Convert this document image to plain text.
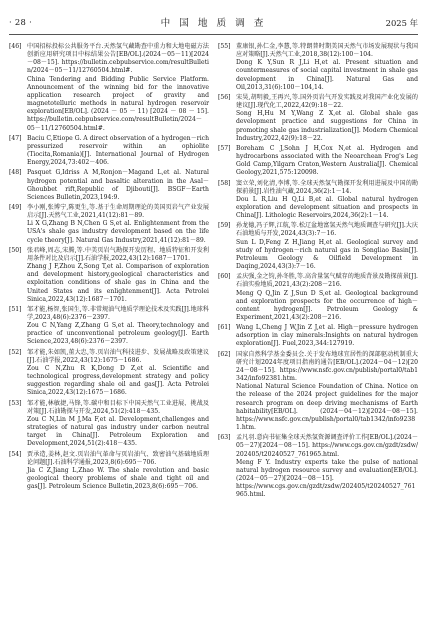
· 28 ·	中 国 地 质 调 查	2025 年
[46] 中国招标投标公共服务平台.天然氢气藏勘查中重力和大地电磁方法创新应用研究项目中标结果公告[EB/OL].(2024－05－11)[2024－08－15]. https://bulletin.cebpubservice.com/resultBulletin/2024－05－11/12760504.html#.
China Tendering and Bidding Public Service Platform. Announcement of the winning bid for the innovative application research project of gravity and magnetotelluric methods in natural hydrogen reservoir exploration[EB/OL]. (2024 － 05 － 11) [2024 － 08 － 15]. https://bulletin.cebpubservice.com/resultBulletin/2024－05－11/12760504.html#.
[47] Baciu C,Etiope G. A direct observation of a hydrogen－rich pressurized reservoir within an ophiolite (Tiocita,Romania)[J]. International Journal of Hydrogen Energy,2024,73:402－406.
[48] Pasquet G,Idriss A M,Ronjon－Magand L,et al. Natural hydrogen potential and basaltic alteration in the Asal－Ghoubbet rift,Republic of Djibouti[J]. BSGF－Earth Sciences Bulletin,2023,194:9.
[49] 李小刚,张博宁,陈更生,等.基于生命周期理论的美国页岩气产业发展启示[J].天然气工业,2021,41(12):81－89.
Li X G,Zhang B N,Chen G S,et al. Enlightenment from the USA's shale gas industry development based on the life cycle theory[J]. Natural Gas Industry,2021,41(12):81－89.
[50] 张君峰,周志,宋腾,等.中美页岩气勘探开发历程、地质特征和开发利用条件对比及启示[J].石油学报,2022,43(12):1687－1701.
Zhang J F,Zhou Z,Song T,et al. Comparison of exploration and development history,geological characteristics and exploitation conditions of shale gas in China and the United States and its enlightenment[J]. Acta Petrolei Sinica,2022,43(12):1687－1701.
[51] 邹才能,杨智,张国生,等.非常规油气地质学理论技术及实践[J].地球科学,2023,48(6):2376－2397.
Zou C N,Yang Z,Zhang G S,et al. Theory,technology and practice of unconventional petroleum geology[J]. Earth Science,2023,48(6):2376－2397.
[52] 邹才能,朱如凯,董大忠,等.页岩油气科技进步、发展战略及政策建议[J].石油学报,2022,43(12):1675－1686.
Zou C N,Zhu R K,Dong D Z,et al. Scientific and technological progress,development strategy and policy suggestion regarding shale oil and gas[J]. Acta Petrolei Sinica,2022,43(12):1675－1686.
[53] 邹才能,林敏捷,马锋,等.碳中和目标下中国天然气工业进展、挑战及对策[J].石油勘探与开发,2024,51(2):418－435.
Zou C N,Lin M J,Ma F,et al. Development,challenges and strategies of natural gas industry under carbon neutral target in China[J]. Petroleum Exploration and Development,2024,51(2):418－435.
[54] 贾承造,姜林,赵文.页岩油气革命与页岩油气、致密油气基础地质理论问题[J].石油科学通报,2023,8(6):695－706.
Jia C Z,Jiang L,Zhao W. The shale revolution and basic geological theory problems of shale and tight oil and gas[J]. Petroleum Science Bulletin,2023,8(6):695－706.
[55] 董康银,孙仁金,李慧,等.特朗普时期美国天然气市场发展现状与我国应对策略[J].天然气工业,2018,38(12):100－104.
Dong K Y,Sun R J,Li H,et al. Present situation and countermeasures of social capital investment in shale gas development in China[J]. Natural Gas and Oil,2013,31(6):100－104,14.
[56] 宋昊,胡明毅,王再兴,等.国外页岩气开发实践及对我国产业化发展的建议[J].现代化工,2022,42(9):18－22.
Song H,Hu M Y,Wang Z X,et al. Global shale gas development practice and suggestions for China in promoting shale gas industrialization[J]. Modern Chemical Industry,2022,42(9):18－22.
[57] Boreham C J,Sohn J H,Cox N,et al. Hydrogen and hydrocarbons associated with the Neoarchean Frog's Leg Gold Camp,Yilgarn Craton,Western Australia[J]. Chemical Geology,2021,575:120098.
[58] 窦立荣,刘化清,李博,等.全球天然氢气勘探开发利用进展及中国的勘探前景[J].岩性油气藏,2024,36(2):1－14.
Dou L R,Liu H Q,Li B,et al. Global natural hydrogen exploration and development situation and prospects in China[J]. Lithologic Reservoirs,2024,36(2):1－14.
[59] 孙龙德,冯子辉,江航,等.松辽盆地富氢天然气地质调查与研究[J].大庆石油地质与开发,2024,43(3):7－16.
Sun L D,Feng Z H,Jiang H,et al. Geological survey and study of hydrogen－rich natural gas in Songliao Basin[J]. Petroleum Geology & Oilfield Development in Daqing,2024,43(3):7－16.
[60] 孟庆强,金之钧,孙冬胜,等.高含量氢气赋存的地质背景及勘探前景[J].石油实验地质,2021,43(2):208－216.
Meng Q Q,Jin Z J,Sun D S,et al. Geological background and exploration prospects for the occurrence of high－content hydrogen[J]. Petroleum Geology & Experiment,2021,43(2):208－216.
[61] Wang L,Cheng J W,Jin Z J,et al. High－pressure hydrogen adsorption in clay minerals:Insights on natural hydrogen exploration[J]. Fuel,2023,344:127919.
[62] 国家自然科学基金委员会.关于发布地球宜居性的深部驱动机制重大研究计划2024年度项目指南的通告[EB/OL].(2024－04－12)[2024－08－15]. https://www.nsfc.gov.cn/publish/portal0/tab1342/info92381.htm.
National Natural Science Foundation of China. Notice on the release of the 2024 project guidelines for the major research program on deep driving mechanisms of Earth habitability[EB/OL]. (2024－04－12)[2024－08－15]. https://www.nsfc.gov.cn/publish/portal0/tab1342/info92381.htm.
[63] 孟凡羽.意向书征集全球天然氢资源调查评价工作[EB/OL].(2024－05－27)[2024－08－15]. https://www.cgs.gov.cn/gzdt/zsdw/202405/t20240527_761965.html.
Meng F Y. Industry experts take the pulse of national natural hydrogen resource survey and evaluation[EB/OL]. (2024－05－27)[2024－08－15]. https://www.cgs.gov.cn/gzdt/zsdw/202405/t20240527_761965.html.
